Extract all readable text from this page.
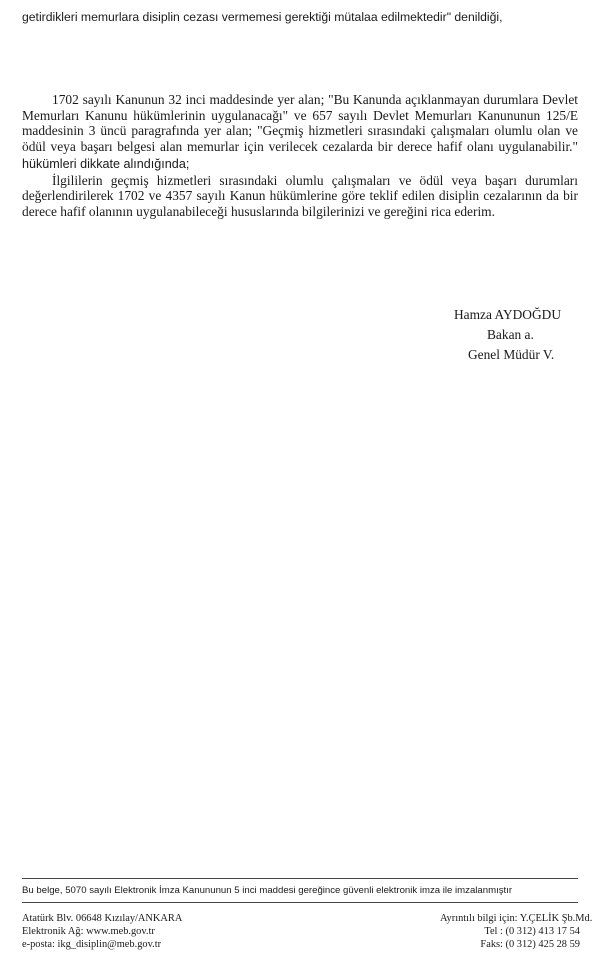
getirdikleri memurlara disiplin cezası vermemesi gerektiği mütalaa edilmektedir" denildiği,

1702 sayılı Kanunun 32 inci maddesinde yer alan; "Bu Kanunda açıklanmayan durumlara Devlet Memurları Kanunu hükümlerinin uygulanacağı" ve 657 sayılı Devlet Memurları Kanununun 125/E maddesinin 3 üncü paragrafında yer alan; "Geçmiş hizmetleri sırasındaki çalışmaları olumlu olan ve ödül veya başarı belgesi alan memurlar için verilecek cezalarda bir derece hafif olanı uygulanabilir." hükümleri dikkate alındığında;

İlgililerin geçmiş hizmetleri sırasındaki olumlu çalışmaları ve ödül veya başarı durumları değerlendirilerek 1702 ve 4357 sayılı Kanun hükümlerine göre teklif edilen disiplin cezalarının da bir derece hafif olanının uygulanabileceği hususlarında bilgilerinizi ve gereğini rica ederim.

Hamza AYDOĞDU
Bakan a.
Genel Müdür V.
Bu belge, 5070 sayılı Elektronik İmza Kanununun 5 inci maddesi gereğince güvenli elektronik imza ile imzalanmıştır
Atatürk Blv. 06648 Kızılay/ANKARA
Elektronik Ağ: www.meb.gov.tr
e-posta: ikg_disiplin@meb.gov.tr
Ayrıntılı bilgi için: Y.ÇELİK Şb.Md.
Tel : (0 312) 413 17 54
Faks: (0 312) 425 28 59
